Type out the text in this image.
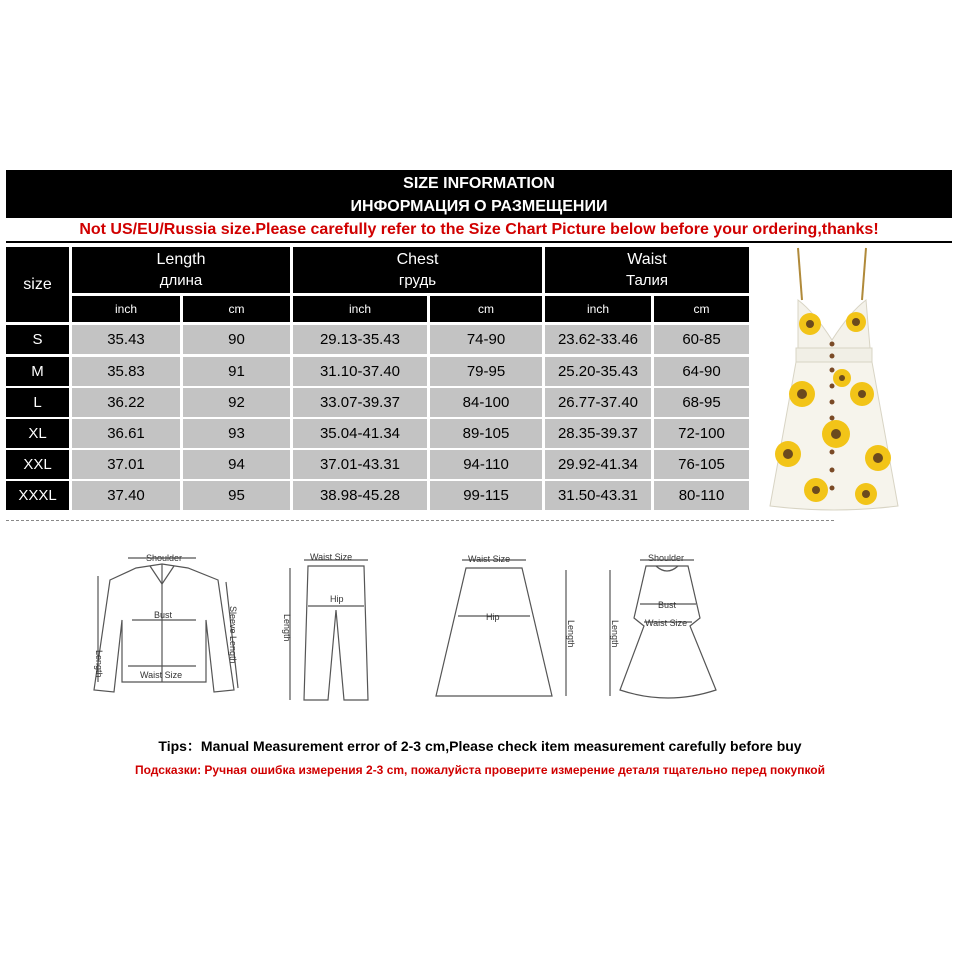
SIZE INFORMATION
ИНФОРМАЦИЯ О РАЗМЕЩЕНИИ
Not US/EU/Russia size.Please carefully refer to the Size Chart Picture below before your ordering,thanks!
size
Length
длина
Chest
грудь
Waist
Талия
inch	cm	inch	cm	inch	cm
S	35.43	90	29.13-35.43	74-90	23.62-33.46	60-85
M	35.83	91	31.10-37.40	79-95	25.20-35.43	64-90
L	36.22	92	33.07-39.37	84-100	26.77-37.40	68-95
XL	36.61	93	35.04-41.34	89-105	28.35-39.37	72-100
XXL	37.01	94	37.01-43.31	94-110	29.92-41.34	76-105
XXXL	37.40	95	38.98-45.28	99-115	31.50-43.31	80-110
Shoulder
Bust
Length
Sleeve Length
Waist Size
Waist Size
Hip
Length
Waist Size
Hip
Length
Shoulder
Bust
Waist Size
Length
Tips：Manual Measurement error of 2-3 cm,Please check item measurement carefully before buy
Подсказки: Ручная ошибка измерения 2-3 cm, пожалуйста проверите измерение деталя тщательно перед покупкой
